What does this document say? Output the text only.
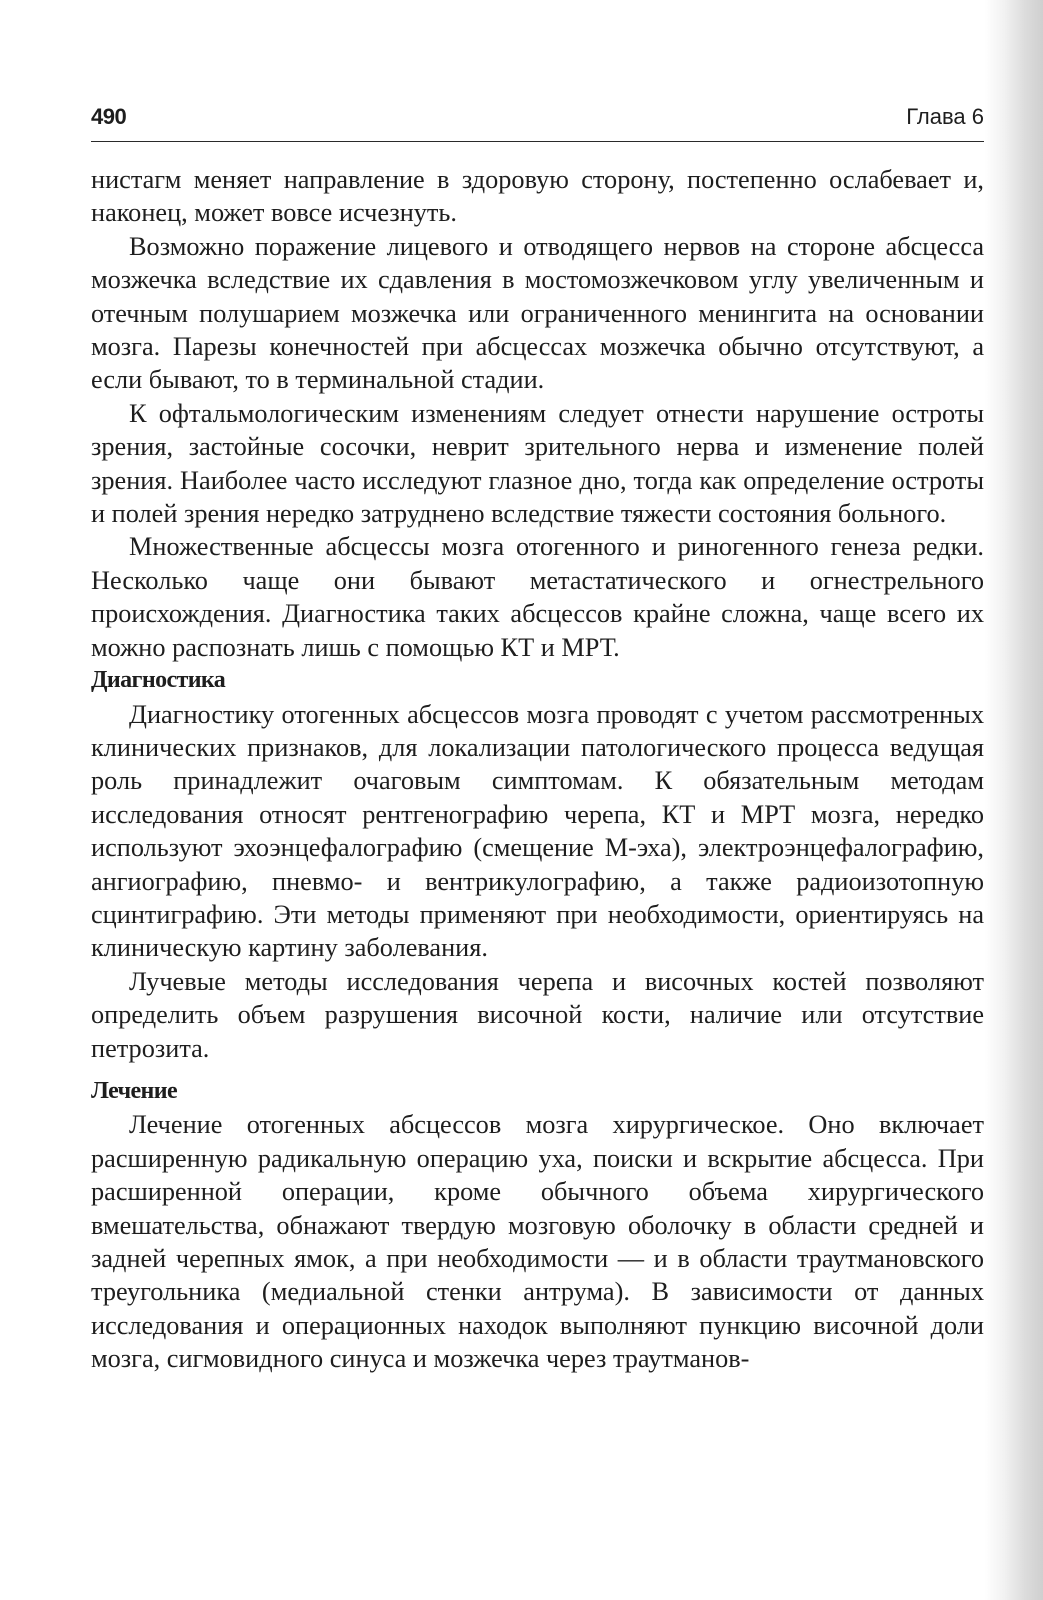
490	Глава 6

нистагм меняет направление в здоровую сторону, постепенно ослабевает и, наконец, может вовсе исчезнуть.

Возможно поражение лицевого и отводящего нервов на стороне абсцесса мозжечка вследствие их сдавления в мостомозжечковом углу увеличенным и отечным полушарием мозжечка или ограниченного менингита на основании мозга. Парезы конечностей при абсцессах мозжечка обычно отсутствуют, а если бывают, то в терминальной стадии.

К офтальмологическим изменениям следует отнести нарушение остроты зрения, застойные сосочки, неврит зрительного нерва и изменение полей зрения. Наиболее часто исследуют глазное дно, тогда как определение остроты и полей зрения нередко затруднено вследствие тяжести состояния больного.

Множественные абсцессы мозга отогенного и риногенного генеза редки. Несколько чаще они бывают метастатического и огнестрельного происхождения. Диагностика таких абсцессов крайне сложна, чаще всего их можно распознать лишь с помощью КТ и МРТ.

Диагностика

Диагностику отогенных абсцессов мозга проводят с учетом рассмотренных клинических признаков, для локализации патологического процесса ведущая роль принадлежит очаговым симптомам. К обязательным методам исследования относят рентгенографию черепа, КТ и МРТ мозга, нередко используют эхоэнцефалографию (смещение М-эха), электроэнцефалографию, ангиографию, пневмо- и вентрикулографию, а также радиоизотопную сцинтиграфию. Эти методы применяют при необходимости, ориентируясь на клиническую картину заболевания.

Лучевые методы исследования черепа и височных костей позволяют определить объем разрушения височной кости, наличие или отсутствие петрозита.

Лечение

Лечение отогенных абсцессов мозга хирургическое. Оно включает расширенную радикальную операцию уха, поиски и вскрытие абсцесса. При расширенной операции, кроме обычного объема хирургического вмешательства, обнажают твердую мозговую оболочку в области средней и задней черепных ямок, а при необходимости — и в области траутмановского треугольника (медиальной стенки антрума). В зависимости от данных исследования и операционных находок выполняют пункцию височной доли мозга, сигмовидного синуса и мозжечка через траутманов-
